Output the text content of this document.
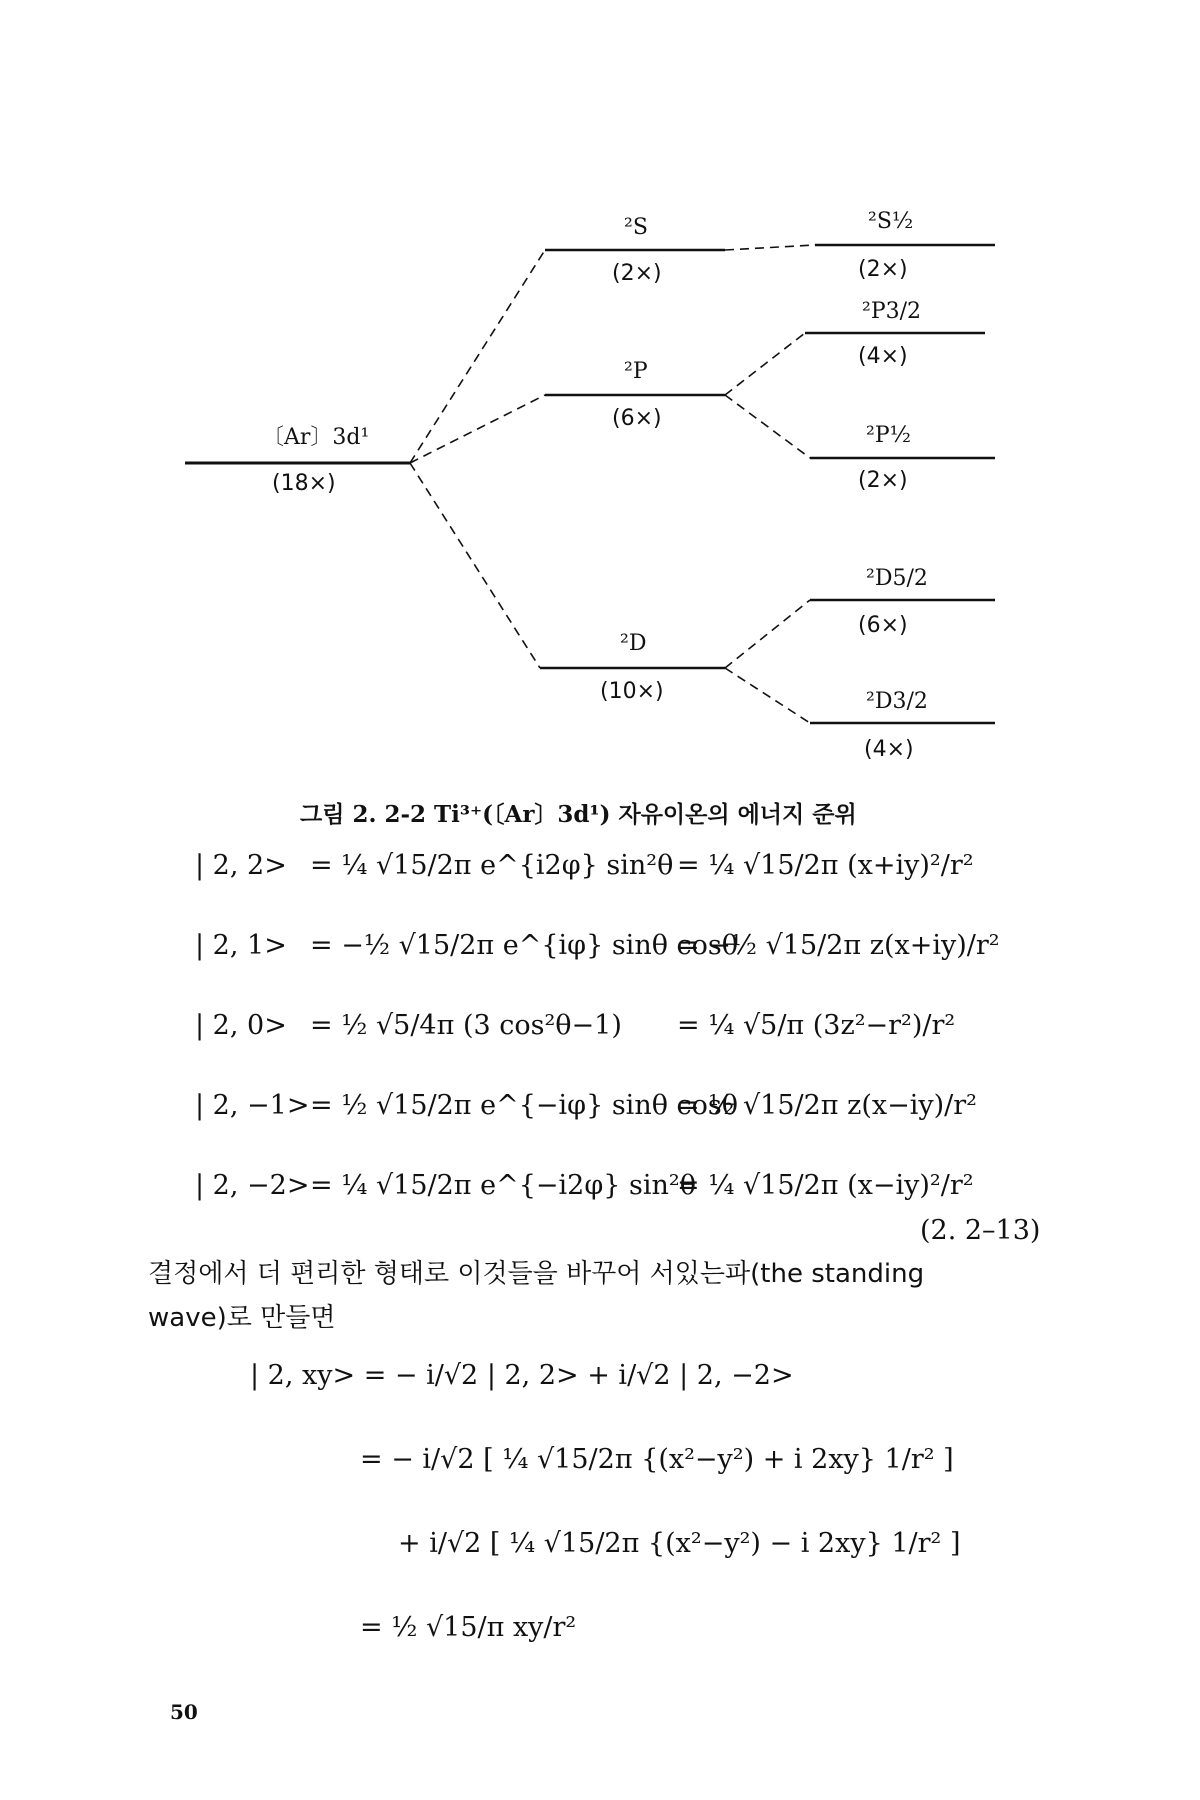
〔Ar〕3d¹
(18×)
²S
(2×)
²P
(6×)
²D
(10×)
²S½
(2×)
²P3/2
(4×)
²P½
(2×)
²D5/2
(6×)
²D3/2
(4×)
그림 2. 2-2 Ti³⁺(〔Ar〕3d¹) 자유이온의 에너지 준위
| 2, 2> = ¼ √15/2π e^{i2φ} sin²θ = ¼ √15/2π (x+iy)²/r²
| 2, 1> = −½ √15/2π e^{iφ} sinθ cosθ
= −½ √15/2π z(x+iy)/r²
| 2, 0> = ½ √5/4π (3 cos²θ−1) = ¼ √5/π (3z²−r²)/r²
| 2, −1> = ½ √15/2π e^{−iφ} sinθ cosθ
= ½ √15/2π z(x−iy)/r²
| 2, −2> = ¼ √15/2π e^{−i2φ} sin²θ
= ¼ √15/2π (x−iy)²/r²
(2. 2–13)
결정에서 더 편리한 형태로 이것들을 바꾸어 서있는파(the standing
wave)로 만들면
| 2, xy> = − i/√2 | 2, 2> + i/√2 | 2, −2>
= − i/√2 [ ¼ √15/2π {(x²−y²) + i 2xy} 1/r² ]
+ i/√2 [ ¼ √15/2π {(x²−y²) − i 2xy} 1/r² ]
= ½ √15/π xy/r²
50
